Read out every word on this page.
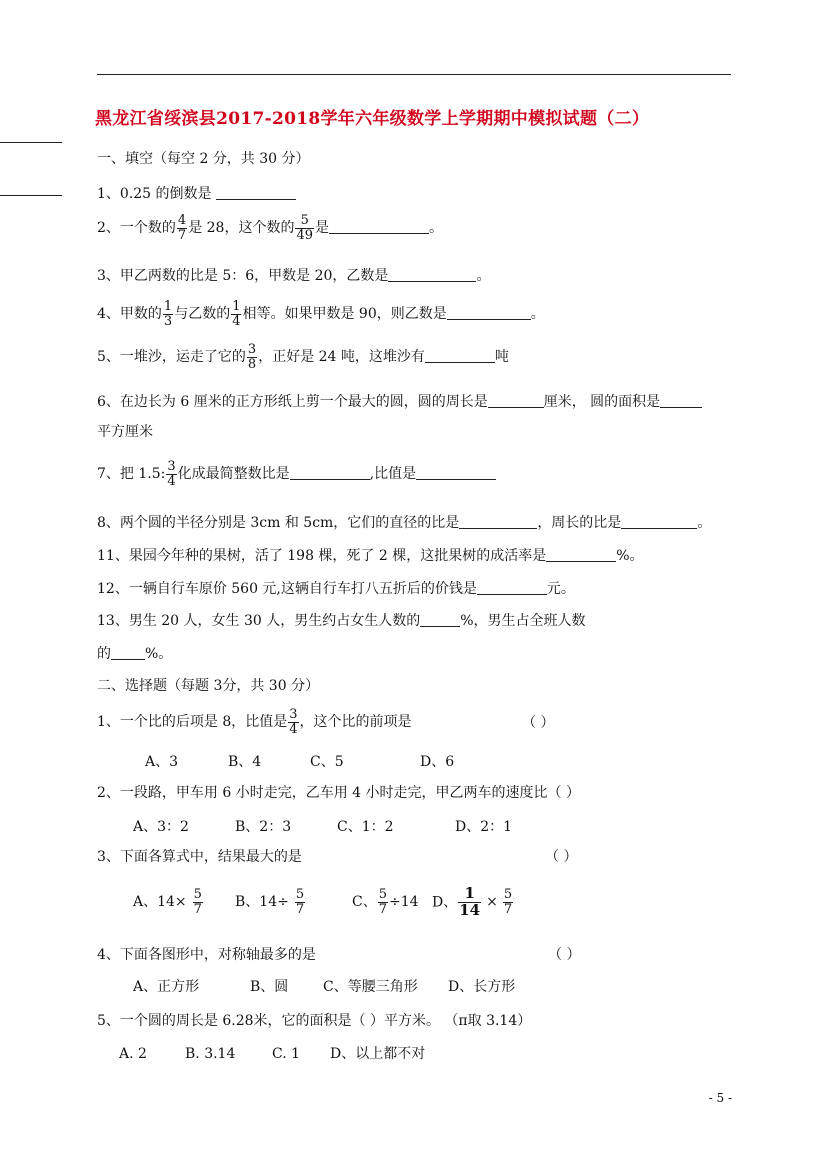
黑龙江省绥滨县2017-2018学年六年级数学上学期期中模拟试题（二）
一、填空（每空 2 分，共 30 分）
1、0.25 的倒数是
2、一个数的 $\frac{4}{7}$ 是 28，这个数的 $\frac{5}{49}$ 是	。
3、甲乙两数的比是 5：6，甲数是 20，乙数是	。
4、甲数的 $\frac{1}{3}$ 与乙数的 $\frac{1}{4}$ 相等。如果甲数是 90，则乙数是	。
5、一堆沙，运走了它的 $\frac{3}{8}$ ，正好是 24 吨，这堆沙有	吨
6、在边长为 6 厘米的正方形纸上剪一个最大的圆，圆的周长是	厘米， 圆的面积是
平方厘米
7、把 1.5: $\frac{3}{4}$ 化成最简整数比是	,比值是
8、两个圆的半径分别是 3cm 和 5cm，它们的直径的比是	，周长的比是	。
11、果园今年种的果树，活了 198 棵，死了 2 棵，这批果树的成活率是	%。
12、一辆自行车原价 560 元,这辆自行车打八五折后的价钱是	元。
13、男生 20 人，女生 30 人，男生约占女生人数的	%，男生占全班人数
的 %。
二、选择题（每题 3分，共 30 分）
1、一个比的后项是 8，比值是 $\frac{3}{4}$ ，这个比的前项是	（ ）
A、3	B、4	C、5	D、6
2、一段路，甲车用 6 小时走完，乙车用 4 小时走完，甲乙两车的速度比（ ）
A、3：2	B、2：3	C、1：2	D、2：1
3、下面各算式中，结果最大的是	（ ）
A、$14\times \frac{5}{7}$ B、$14\div \frac{5}{7}$	C、 $\frac{5}{7} \div 14$ D、 $\frac{1}{14} \times \frac{5}{7}$
4、下面各图形中，对称轴最多的是	（ ）
A、正方形	B、圆 C、等腰三角形 D、长方形
5、一个圆的周长是 6.28米，它的面积是（ ）平方米。 （π取 3.14）
A. 2	B. 3.14	C. 1 D、以上都不对
- 5 -
